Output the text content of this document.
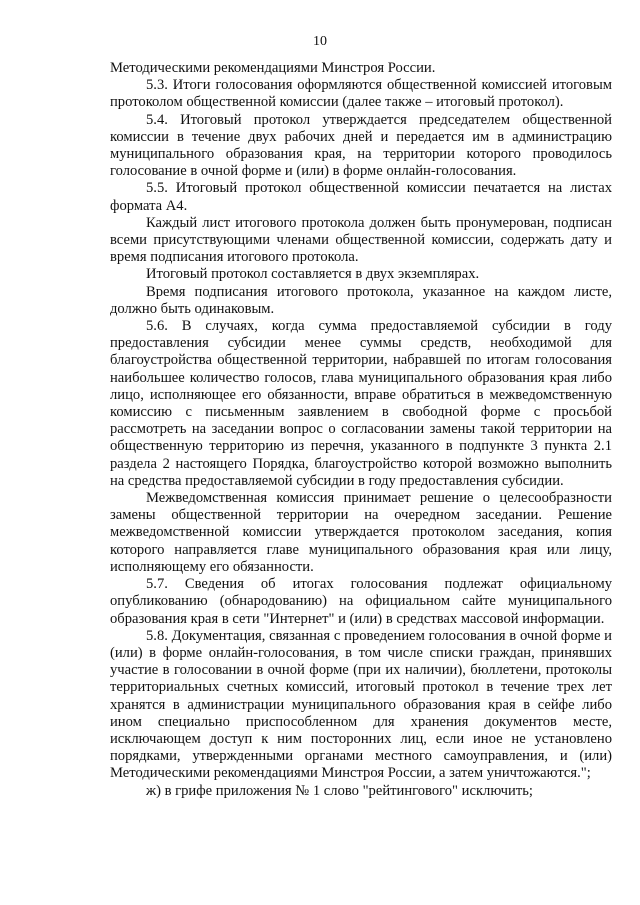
10

Методическими рекомендациями Минстроя России.

5.3. Итоги голосования оформляются общественной комиссией итоговым протоколом общественной комиссии (далее также – итоговый протокол).

5.4. Итоговый протокол утверждается председателем общественной комиссии в течение двух рабочих дней и передается им в администрацию муниципального образования края, на территории которого проводилось голосование в очной форме и (или) в форме онлайн-голосования.

5.5. Итоговый протокол общественной комиссии печатается на листах формата А4.

Каждый лист итогового протокола должен быть пронумерован, подписан всеми присутствующими членами общественной комиссии, содержать дату и время подписания итогового протокола.

Итоговый протокол составляется в двух экземплярах.

Время подписания итогового протокола, указанное на каждом листе, должно быть одинаковым.

5.6. В случаях, когда сумма предоставляемой субсидии в году предоставления субсидии менее суммы средств, необходимой для благоустройства общественной территории, набравшей по итогам голосования наибольшее количество голосов, глава муниципального образования края либо лицо, исполняющее его обязанности, вправе обратиться в межведомственную комиссию с письменным заявлением в свободной форме с просьбой рассмотреть на заседании вопрос о согласовании замены такой территории на общественную территорию из перечня, указанного в подпункте 3 пункта 2.1 раздела 2 настоящего Порядка, благоустройство которой возможно выполнить на средства предоставляемой субсидии в году предоставления субсидии.

Межведомственная комиссия принимает решение о целесообразности замены общественной территории на очередном заседании. Решение межведомственной комиссии утверждается протоколом заседания, копия которого направляется главе муниципального образования края или лицу, исполняющему его обязанности.

5.7. Сведения об итогах голосования подлежат официальному опубликованию (обнародованию) на официальном сайте муниципального образования края в сети "Интернет" и (или) в средствах массовой информации.

5.8. Документация, связанная с проведением голосования в очной форме и (или) в форме онлайн-голосования, в том числе списки граждан, принявших участие в голосовании в очной форме (при их наличии), бюллетени, протоколы территориальных счетных комиссий, итоговый протокол в течение трех лет хранятся в администрации муниципального образования края в сейфе либо ином специально приспособленном для хранения документов месте, исключающем доступ к ним посторонних лиц, если иное не установлено порядками, утвержденными органами местного самоуправления, и (или) Методическими рекомендациями Минстроя России, а затем уничтожаются.";

ж) в грифе приложения № 1 слово "рейтингового" исключить;
